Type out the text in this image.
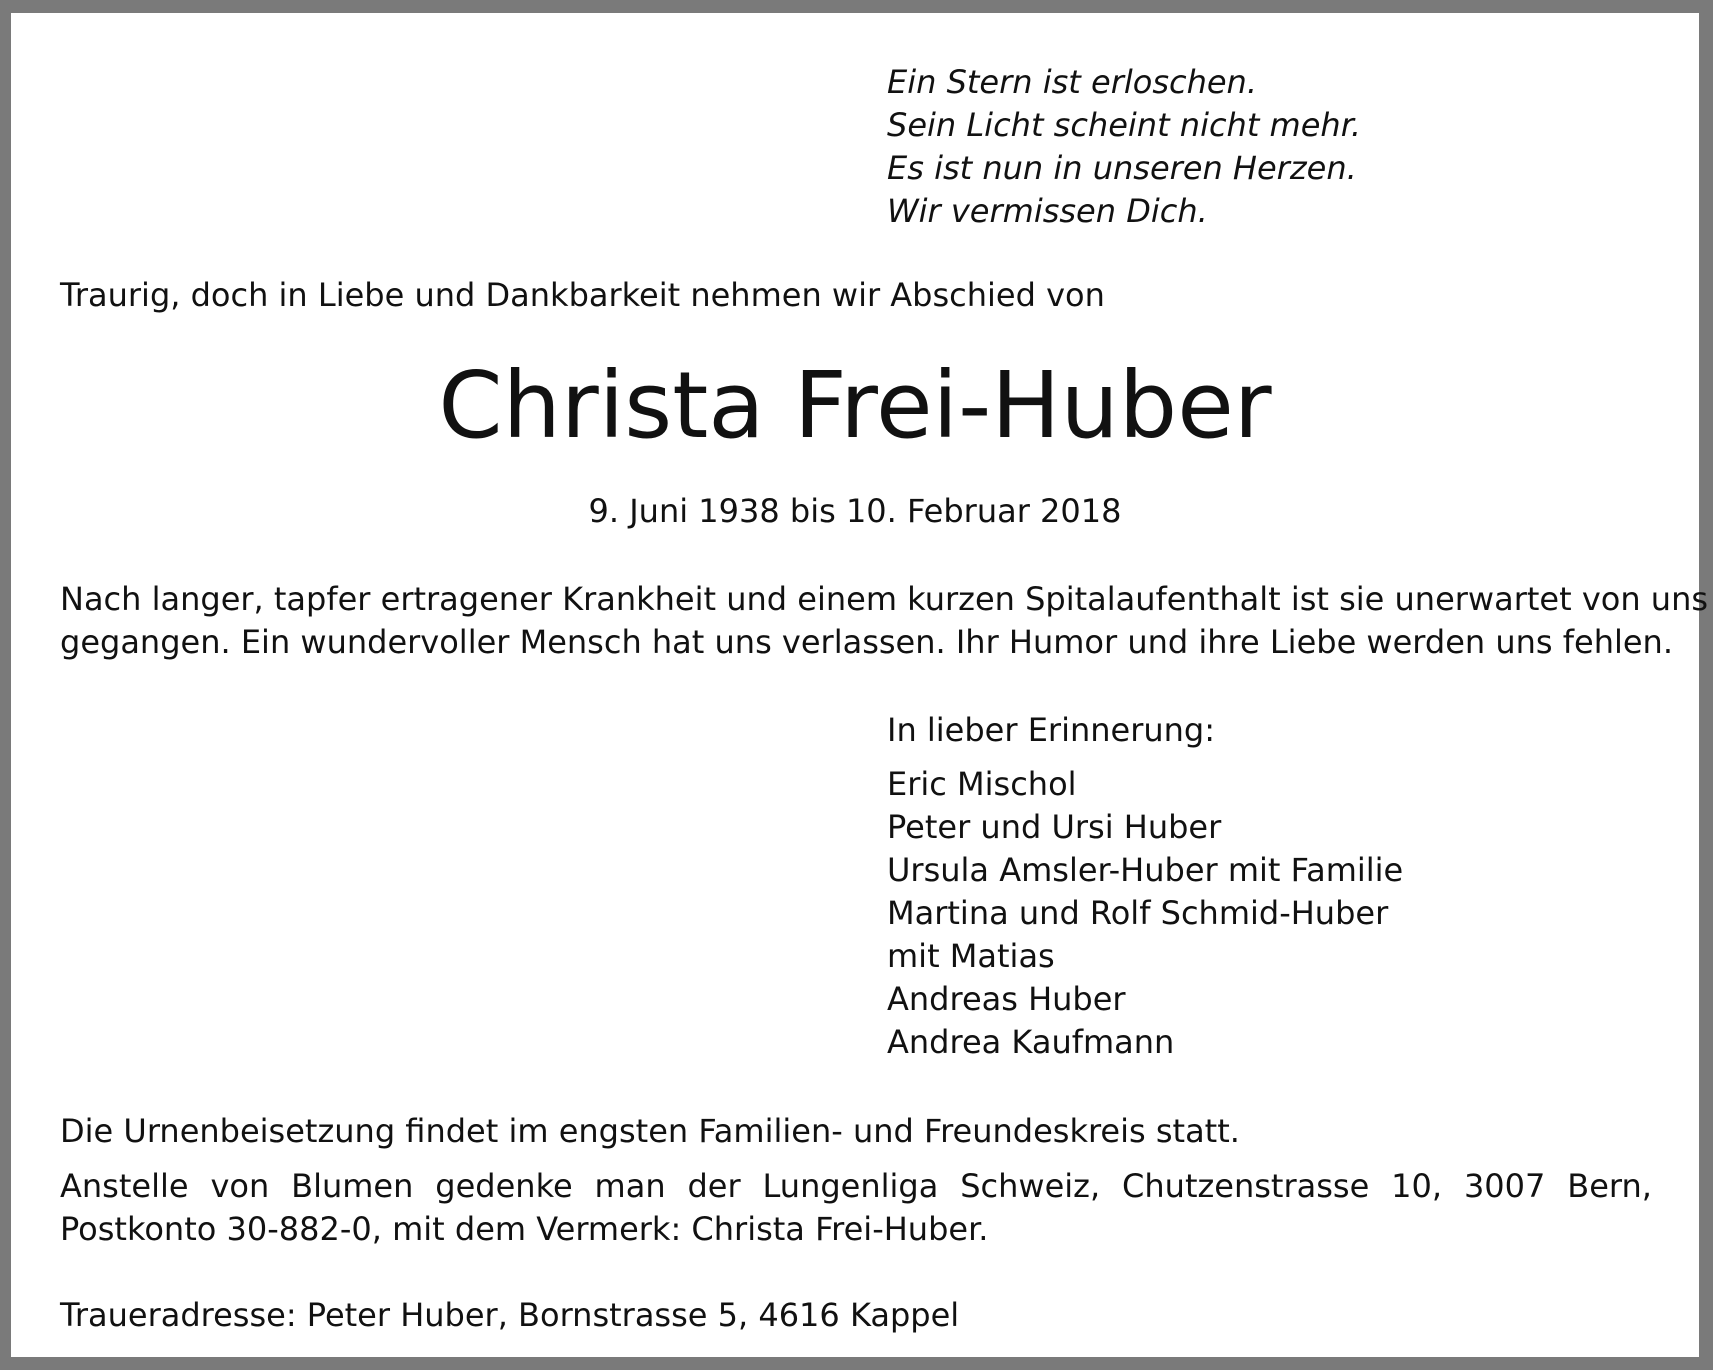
Ein Stern ist erloschen.
Sein Licht scheint nicht mehr.
Es ist nun in unseren Herzen.
Wir vermissen Dich.
Traurig, doch in Liebe und Dankbarkeit nehmen wir Abschied von
Christa Frei-Huber
9. Juni 1938 bis 10. Februar 2018
Nach langer, tapfer ertragener Krankheit und einem kurzen Spitalaufenthalt ist sie unerwartet von uns
gegangen. Ein wundervoller Mensch hat uns verlassen. Ihr Humor und ihre Liebe werden uns fehlen.
In lieber Erinnerung:
Eric Mischol
Peter und Ursi Huber
Ursula Amsler-Huber mit Familie
Martina und Rolf Schmid-Huber
mit Matias
Andreas Huber
Andrea Kaufmann
Die Urnenbeisetzung findet im engsten Familien- und Freundeskreis statt.
Anstelle von Blumen gedenke man der Lungenliga Schweiz, Chutzenstrasse 10, 3007 Bern,
Postkonto 30-882-0, mit dem Vermerk: Christa Frei-Huber.
Traueradresse: Peter Huber, Bornstrasse 5, 4616 Kappel
